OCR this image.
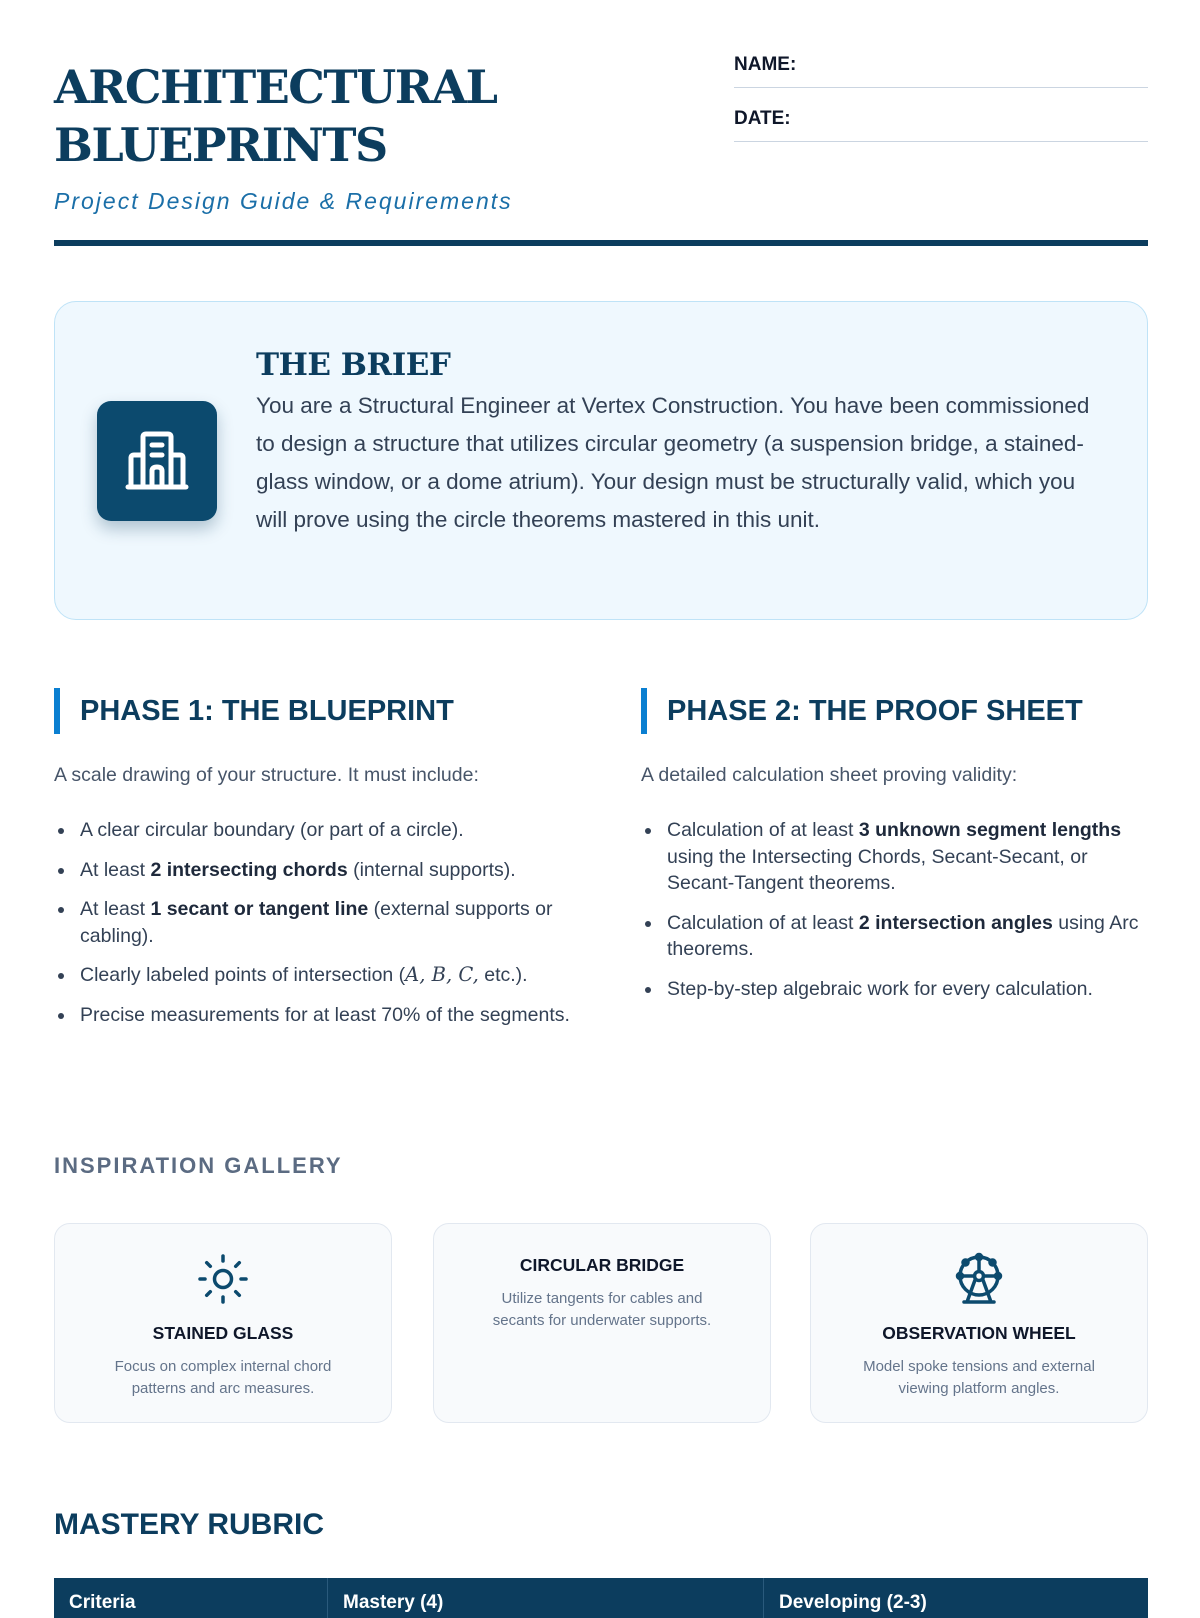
ARCHITECTURAL
BLUEPRINTS
Project Design Guide & Requirements
NAME:
DATE:
THE BRIEF
You are a Structural Engineer at Vertex Construction. You have been commissioned to design a structure that utilizes circular geometry (a suspension bridge, a stained-glass window, or a dome atrium). Your design must be structurally valid, which you will prove using the circle theorems mastered in this unit.
PHASE 1: THE BLUEPRINT
A scale drawing of your structure. It must include:
A clear circular boundary (or part of a circle).
At least 2 intersecting chords (internal supports).
At least 1 secant or tangent line (external supports or cabling).
Clearly labeled points of intersection (A, B, C, etc.).
Precise measurements for at least 70% of the segments.
PHASE 2: THE PROOF SHEET
A detailed calculation sheet proving validity:
Calculation of at least 3 unknown segment lengths using the Intersecting Chords, Secant-Secant, or Secant-Tangent theorems.
Calculation of at least 2 intersection angles using Arc theorems.
Step-by-step algebraic work for every calculation.
INSPIRATION GALLERY
STAINED GLASS
Focus on complex internal chord patterns and arc measures.
CIRCULAR BRIDGE
Utilize tangents for cables and secants for underwater supports.
OBSERVATION WHEEL
Model spoke tensions and external viewing platform angles.
MASTERY RUBRIC
Criteria	Mastery (4)	Developing (2-3)
